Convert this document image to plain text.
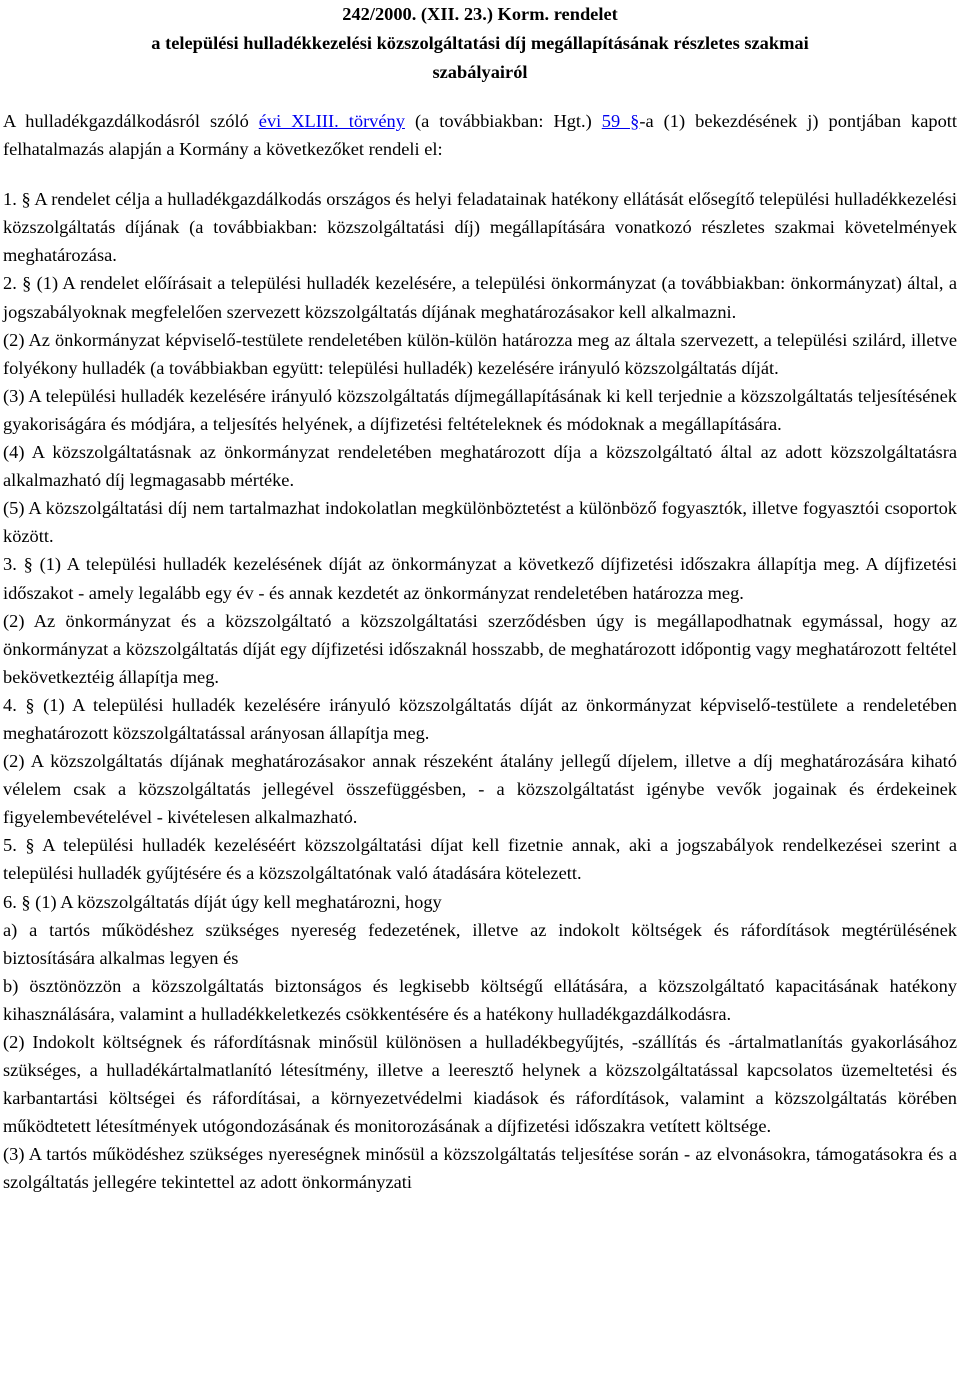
242/2000. (XII. 23.) Korm. rendelet
a települési hulladékkezelési közszolgáltatási díj megállapításának részletes szakmai
szabályairól

A hulladékgazdálkodásról szóló évi XLIII. törvény (a továbbiakban: Hgt.) 59 §-a (1) bekezdésének j) pontjában kapott felhatalmazás alapján a Kormány a következőket rendeli el:

1. § A rendelet célja a hulladékgazdálkodás országos és helyi feladatainak hatékony ellátását elősegítő települési hulladékkezelési közszolgáltatás díjának (a továbbiakban: közszolgáltatási díj) megállapítására vonatkozó részletes szakmai követelmények meghatározása.

2. § (1) A rendelet előírásait a települési hulladék kezelésére, a települési önkormányzat (a továbbiakban: önkormányzat) által, a jogszabályoknak megfelelően szervezett közszolgáltatás díjának meghatározásakor kell alkalmazni.

(2) Az önkormányzat képviselő-testülete rendeletében külön-külön határozza meg az általa szervezett, a települési szilárd, illetve folyékony hulladék (a továbbiakban együtt: települési hulladék) kezelésére irányuló közszolgáltatás díját.

(3) A települési hulladék kezelésére irányuló közszolgáltatás díjmegállapításának ki kell terjednie a közszolgáltatás teljesítésének gyakoriságára és módjára, a teljesítés helyének, a díjfizetési feltételeknek és módoknak a megállapítására.

(4) A közszolgáltatásnak az önkormányzat rendeletében meghatározott díja a közszolgáltató által az adott közszolgáltatásra alkalmazható díj legmagasabb mértéke.

(5) A közszolgáltatási díj nem tartalmazhat indokolatlan megkülönböztetést a különböző fogyasztók, illetve fogyasztói csoportok között.

3. § (1) A települési hulladék kezelésének díját az önkormányzat a következő díjfizetési időszakra állapítja meg. A díjfizetési időszakot - amely legalább egy év - és annak kezdetét az önkormányzat rendeletében határozza meg.

(2) Az önkormányzat és a közszolgáltató a közszolgáltatási szerződésben úgy is megállapodhatnak egymással, hogy az önkormányzat a közszolgáltatás díját egy díjfizetési időszaknál hosszabb, de meghatározott időpontig vagy meghatározott feltétel bekövetkeztéig állapítja meg.

4. § (1) A települési hulladék kezelésére irányuló közszolgáltatás díját az önkormányzat képviselő-testülete a rendeletében meghatározott közszolgáltatással arányosan állapítja meg.

(2) A közszolgáltatás díjának meghatározásakor annak részeként átalány jellegű díjelem, illetve a díj meghatározására kiható vélelem csak a közszolgáltatás jellegével összefüggésben, - a közszolgáltatást igénybe vevők jogainak és érdekeinek figyelembevételével - kivételesen alkalmazható.

5. § A települési hulladék kezeléséért közszolgáltatási díjat kell fizetnie annak, aki a jogszabályok rendelkezései szerint a települési hulladék gyűjtésére és a közszolgáltatónak való átadására kötelezett.

6. § (1) A közszolgáltatás díját úgy kell meghatározni, hogy

a) a tartós működéshez szükséges nyereség fedezetének, illetve az indokolt költségek és ráfordítások megtérülésének biztosítására alkalmas legyen és

b) ösztönözzön a közszolgáltatás biztonságos és legkisebb költségű ellátására, a közszolgáltató kapacitásának hatékony kihasználására, valamint a hulladékkeletkezés csökkentésére és a hatékony hulladékgazdálkodásra.

(2) Indokolt költségnek és ráfordításnak minősül különösen a hulladékbegyűjtés, -szállítás és -ártalmatlanítás gyakorlásához szükséges, a hulladékártalmatlanító létesítmény, illetve a leeresztő helynek a közszolgáltatással kapcsolatos üzemeltetési és karbantartási költségei és ráfordításai, a környezetvédelmi kiadások és ráfordítások, valamint a közszolgáltatás körében működtetett létesítmények utógondozásának és monitorozásának a díjfizetési időszakra vetített költsége.

(3) A tartós működéshez szükséges nyereségnek minősül a közszolgáltatás teljesítése során - az elvonásokra, támogatásokra és a szolgáltatás jellegére tekintettel az adott önkormányzati
